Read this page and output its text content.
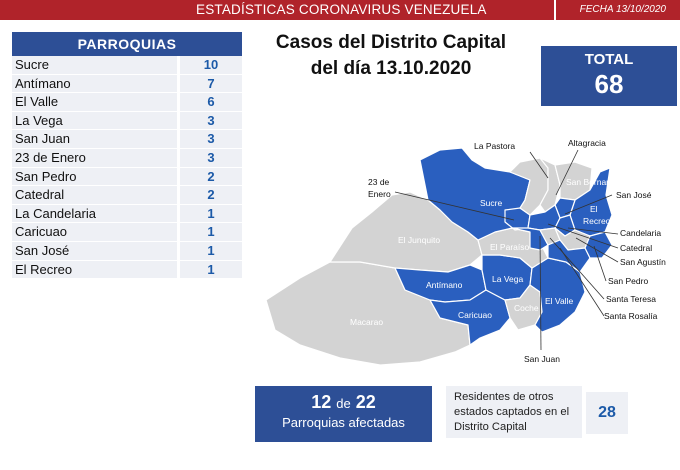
ESTADÍSTICAS CORONAVIRUS VENEZUELA	FECHA 13/10/2020
PARROQUIAS
Sucre	10
Antímano	7
El Valle	6
La Vega	3
San Juan	3
23 de Enero	3
San Pedro	2
Catedral	2
La Candelaria	1
Caricuao	1
San José	1
El Recreo	1
Casos del Distrito Capital
del día 13.10.2020	TOTAL
68
La Pastora	Altagracia
San Bernardino
23 de
Enero
Sucre
El
Recreo
San José
Candelaria
Catedral
San Agustín
El Junquito
El Paraíso
La Vega
Antímano	San Pedro
Santa Teresa
Santa Rosalía
El Valle
Coche
Caricuao
Macarao
San Juan
12 de 22
Parroquias afectadas
Residentes de otros
estados captados en el
Distrito Capital
28
